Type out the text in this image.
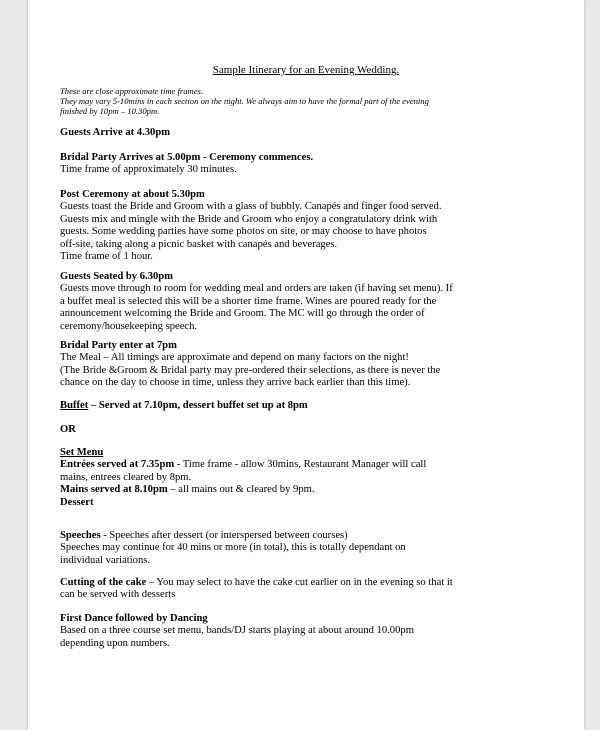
Sample Itinerary for an Evening Wedding.
These are close approximate time frames.
They may vary 5-10mins in each section on the night. We always aim to have the formal part of the evening
finished by 10pm – 10.30pm.
Guests Arrive at 4.30pm
Bridal Party Arrives at 5.00pm - Ceremony commences.
Time frame of approximately 30 minutes.
Post Ceremony at about 5.30pm
Guests toast the Bride and Groom with a glass of bubbly. Canapés and finger food served.
Guests mix and mingle with the Bride and Groom who enjoy a congratulatory drink with
guests. Some wedding parties have some photos on site, or may choose to have photos
off-site, taking along a picnic basket with canapés and beverages.
Time frame of 1 hour.
Guests Seated by 6.30pm
Guests move through to room for wedding meal and orders are taken (if having set menu). If
a buffet meal is selected this will be a shorter time frame. Wines are poured ready for the
announcement welcoming the Bride and Groom. The MC will go through the order of
ceremony/housekeeping speech.
Bridal Party enter at 7pm
The Meal – All timings are approximate and depend on many factors on the night!
(The Bride &Groom & Bridal party may pre-ordered their selections, as there is never the
chance on the day to choose in time, unless they arrive back earlier than this time).
Buffet – Served at 7.10pm, dessert buffet set up at 8pm
OR
Set Menu
Entrées served at 7.35pm - Time frame - allow 30mins, Restaurant Manager will call
mains, entrees cleared by 8pm.
Mains served at 8.10pm – all mains out & cleared by 9pm.
Dessert
Speeches - Speeches after dessert (or interspersed between courses)
Speeches may continue for 40 mins or more (in total), this is totally dependant on
individual variations.
Cutting of the cake – You may select to have the cake cut earlier on in the evening so that it
can be served with desserts
First Dance followed by Dancing
Based on a three course set menu, bands/DJ starts playing at about around 10.00pm
depending upon numbers.
